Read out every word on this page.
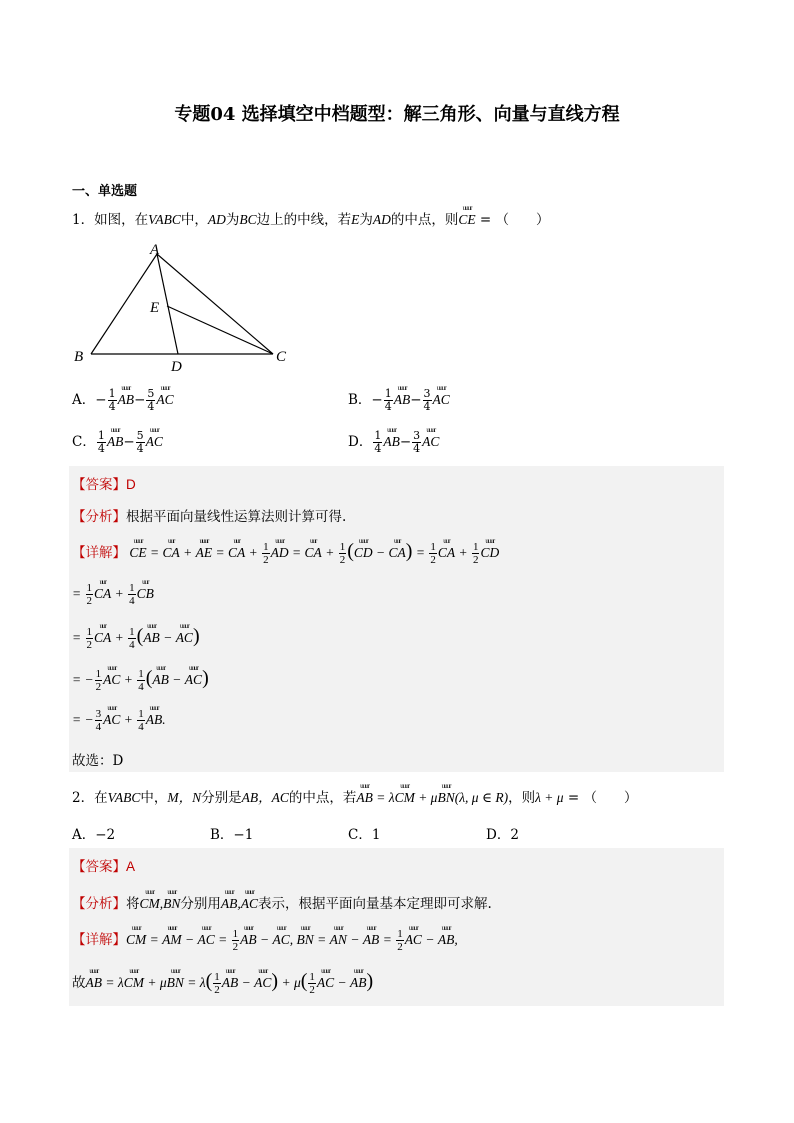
专题04 选择填空中档题型：解三角形、向量与直线方程
一、单选题
1．如图，在VABC中，AD为BC边上的中线，若E为AD的中点，则
uuur
CE = （　　）
A
B	C
D
E
A．− $\frac{1}{4}$ uuur
$AB- \frac{5}{4}$ uuur
AC	B．− $\frac{1}{4}$ uuur
$AB- \frac{3}{4}$ uuur
AC
C． $\frac{1}{4}$ uuur
$AB- \frac{5}{4}$ uuur
AC	D． $\frac{1}{4}$ uuur
$AB- \frac{3}{4}$ uuur
AC
【答案】D
【分析】根据平面向量线性运算法则计算可得.
【详解】
uuur
CE =
uur
CA +
uuur
AE =
uur
CA + $\frac{1}{2}$
uuur
AD =
uur
CA + $\frac{1}{2}$ ( uuur
CD −
uur
$CA) = \frac{1}{2}$
uur
CA + $\frac{1}{2}$
uuur
CD
= $\frac{1}{2}$
uur
CA + $\frac{1}{4}$
uur
CB
= $\frac{1}{2}$
uur
CA + $\frac{1}{4}$ ( uuur
AB −
uuur
AC)
= − $\frac{1}{2}$
uuur
AC + $\frac{1}{4}$ ( uuur
AB −
uuur
AC)
= − $\frac{3}{4}$
uuur
AC + $\frac{1}{4}$
uuur
AB.
故选：D
2．在VABC中，M，N分别是AB，AC的中点，若
uuur
AB = λ
uuur
CM + μ
uuur
BN(λ, μ ∈ R)，则λ + μ = （　　）
A．−2	B．−1	C．1	D．2
【答案】A
【分析】将
uuur
CM,
uuur
BN分别用
uuur
AB,
uuur
AC表示，根据平面向量基本定理即可求解.
【详解】
uuur
CM =
uuur
AM −
uuur
AC = $\frac{1}{2}$
uuur
AB −
uuur
AC,
uuur
BN =
uuur
AN −
uuur
AB = $\frac{1}{2}$
uuur
AC −
uuur
AB,
故
uuur
AB = λ
uuur
CM + μ
uuur
BN = $\lambda( \frac{1}{2}$
uuur
AB −
uuur
$AC) + \mu( \frac{1}{2}$
uuur
AC −
uuur
AB)
